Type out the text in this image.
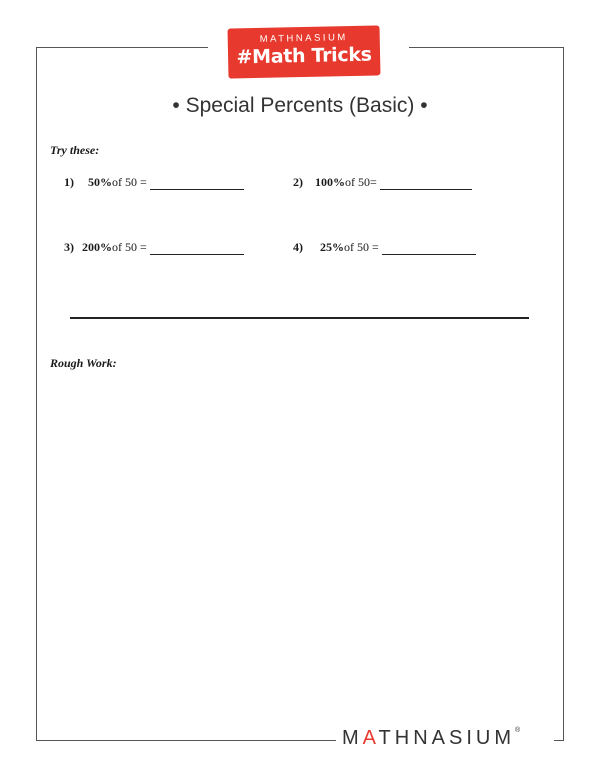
MATHNASIUM
#Math Tricks
• Special Percents (Basic) •
Try these:
1) 50% of 50 =	2) 100% of 50=
3) 200% of 50 =	4) 25% of 50 =
Rough Work:
MATHNASIUM®
